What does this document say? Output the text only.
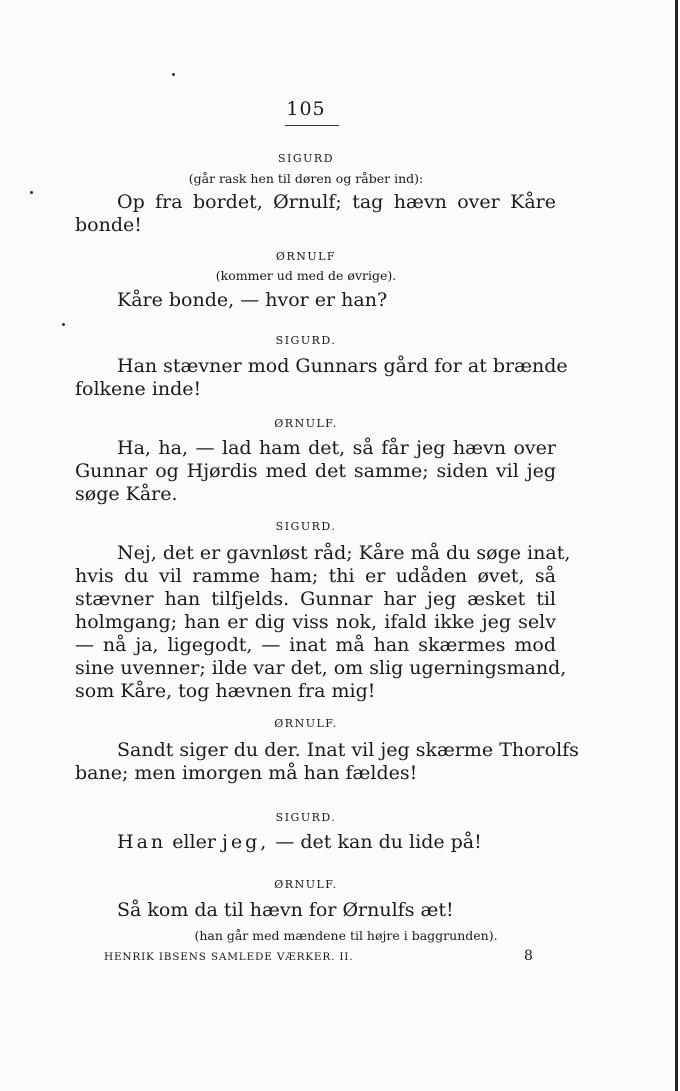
105
SIGURD
(går rask hen til døren og råber ind):
Op fra bordet, Ørnulf; tag hævn over Kåre
bonde!
ØRNULF
(kommer ud med de øvrige).
Kåre bonde, — hvor er han?
SIGURD.
Han stævner mod Gunnars gård for at brænde
folkene inde!
ØRNULF.
Ha, ha, — lad ham det, så får jeg hævn over
Gunnar og Hjørdis med det samme; siden vil jeg
søge Kåre.
SIGURD.
Nej, det er gavnløst råd; Kåre må du søge inat,
hvis du vil ramme ham; thi er udåden øvet, så
stævner han tilfjelds. Gunnar har jeg æsket til
holmgang; han er dig viss nok, ifald ikke jeg selv
— nå ja, ligegodt, — inat må han skærmes mod
sine uvenner; ilde var det, om slig ugerningsmand,
som Kåre, tog hævnen fra mig!
ØRNULF.
Sandt siger du der. Inat vil jeg skærme Thorolfs
bane; men imorgen må han fældes!
SIGURD.
Han eller jeg, — det kan du lide på!
ØRNULF.
Så kom da til hævn for Ørnulfs æt!
(han går med mændene til højre i baggrunden).
HENRIK IBSENS SAMLEDE VÆRKER. II.	8
